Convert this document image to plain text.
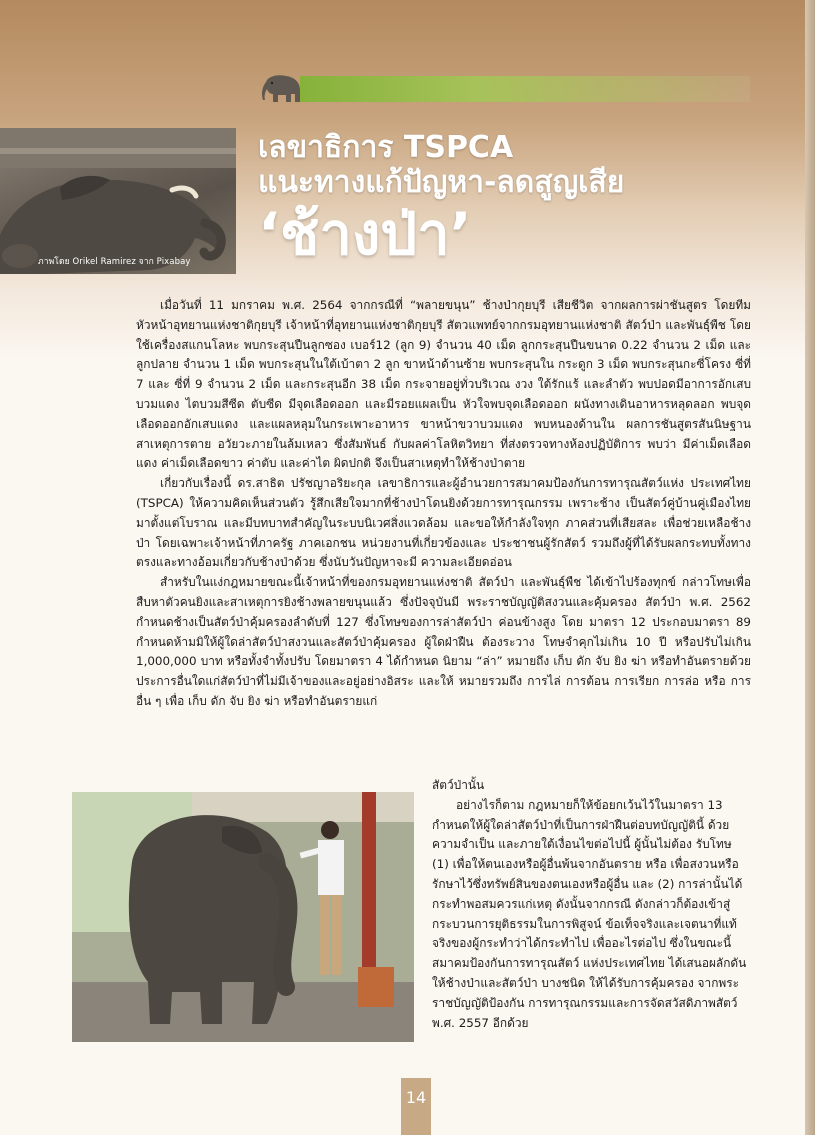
ภาพโดย Orikel Ramirez จาก Pixabay
เลขาธิการ TSPCA
แนะทางแก้ปัญหา-ลดสูญเสีย
‘ช้างป่า’

เมื่อวันที่ 11 มกราคม พ.ศ. 2564 จากกรณีที่ “พลายขนุน” ช้างป่ากุยบุรี เสียชีวิต จากผลการผ่าชันสูตร โดยทีมหัวหน้าอุทยานแห่งชาติกุยบุรี เจ้าหน้าที่อุทยานแห่งชาติกุยบุรี สัตวแพทย์จากกรมอุทยานแห่งชาติ สัตว์ป่า และพันธุ์พืช โดยใช้เครื่องสแกนโลหะ พบกระสุนปืนลูกซอง เบอร์12 (ลูก 9) จำนวน 40 เม็ด ลูกกระสุนปืนขนาด 0.22 จำนวน 2 เม็ด และลูกปลาย จำนวน 1 เม็ด พบกระสุนในใต้เบ้าตา 2 ลูก ขาหน้าด้านซ้าย พบกระสุนใน กระดูก 3 เม็ด พบกระสุนกะซี่โครง ซี่ที่ 7 และ ซี่ที่ 9 จำนวน 2 เม็ด และกระสุนอีก 38 เม็ด กระจายอยู่ทั่วบริเวณ งวง ใต้รักแร้ และลำตัว พบปอดมีอาการอักเสบบวมแดง ไตบวมสีซีด ตับซีด มีจุดเลือดออก และมีรอยแผลเป็น หัวใจพบจุดเลือดออก ผนังทางเดินอาหารหลุดลอก พบจุดเลือดออกอักเสบแดง และแผลหลุมในกระเพาะอาหาร ขาหน้าขวาบวมแดง พบหนองด้านใน ผลการชันสูตรสันนิษฐานสาเหตุการตาย อวัยวะภายในล้มเหลว ซึ่งสัมพันธ์ กับผลค่าโลหิตวิทยา ที่ส่งตรวจทางห้องปฏิบัติการ พบว่า มีค่าเม็ดเลือดแดง ค่าเม็ดเลือดขาว ค่าตับ และค่าไต ผิดปกติ จึงเป็นสาเหตุทำให้ช้างป่าตาย

เกี่ยวกับเรื่องนี้ ดร.สาธิต ปรัชญาอริยะกุล เลขาธิการและผู้อำนวยการสมาคมป้องกันการทารุณสัตว์แห่ง ประเทศไทย (TSPCA) ให้ความคิดเห็นส่วนตัว รู้สึกเสียใจมากที่ช้างป่าโดนยิงด้วยการทารุณกรรม เพราะช้าง เป็นสัตว์คู่บ้านคู่เมืองไทยมาตั้งแต่โบราณ และมีบทบาทสำคัญในระบบนิเวศสิ่งแวดล้อม และขอให้กำลังใจทุก ภาคส่วนที่เสียสละ เพื่อช่วยเหลือช้างป่า โดยเฉพาะเจ้าหน้าที่ภาครัฐ ภาคเอกชน หน่วยงานที่เกี่ยวข้องและ ประชาชนผู้รักสัตว์ รวมถึงผู้ที่ได้รับผลกระทบทั้งทางตรงและทางอ้อมเกี่ยวกับช้างป่าด้วย ซึ่งนับวันปัญหาจะมี ความละเอียดอ่อน

สำหรับในแง่กฎหมายขณะนี้เจ้าหน้าที่ของกรมอุทยานแห่งชาติ สัตว์ป่า และพันธุ์พืช ได้เข้าไปร้องทุกข์ กล่าวโทษเพื่อสืบหาตัวคนยิงและสาเหตุการยิงช้างพลายขนุนแล้ว ซึ่งปัจจุบันมี พระราชบัญญัติสงวนและคุ้มครอง สัตว์ป่า พ.ศ. 2562 กำหนดช้างเป็นสัตว์ป่าคุ้มครองลำดับที่ 127 ซึ่งโทษของการล่าสัตว์ป่า ค่อนข้างสูง โดย มาตรา 12 ประกอบมาตรา 89 กำหนดห้ามมิให้ผู้ใดล่าสัตว์ป่าสงวนและสัตว์ป่าคุ้มครอง ผู้ใดฝ่าฝืน ต้องระวาง โทษจำคุกไม่เกิน 10 ปี หรือปรับไม่เกิน 1,000,000 บาท หรือทั้งจำทั้งปรับ โดยมาตรา 4 ได้กำหนด นิยาม “ล่า” หมายถึง เก็บ ดัก จับ ยิง ฆ่า หรือทำอันตรายด้วยประการอื่นใดแก่สัตว์ป่าที่ไม่มีเจ้าของและอยู่อย่างอิสระ และให้ หมายรวมถึง การไล่ การต้อน การเรียก การล่อ หรือ การอื่น ๆ เพื่อ เก็บ ดัก จับ ยิง ฆ่า หรือทำอันตรายแก่

สัตว์ป่านั้น

อย่างไรก็ตาม กฎหมายก็ให้ข้อยกเว้นไว้ในมาตรา 13 กำหนดให้ผู้ใดล่าสัตว์ป่าที่เป็นการฝ่าฝืนต่อบทบัญญัตินี้ ด้วยความจำเป็น และภายใต้เงื่อนไขต่อไปนี้ ผู้นั้นไม่ต้อง รับโทษ (1) เพื่อให้ตนเองหรือผู้อื่นพ้นจากอันตราย หรือ เพื่อสงวนหรือรักษาไว้ซึ่งทรัพย์สินของตนเองหรือผู้อื่น และ (2) การล่านั้นได้กระทำพอสมควรแก่เหตุ ดังนั้นจากกรณี ดังกล่าวก็ต้องเข้าสู่กระบวนการยุติธรรมในการพิสูจน์ ข้อเท็จจริงและเจตนาที่แท้จริงของผู้กระทำว่าได้กระทำไป เพื่ออะไรต่อไป ซึ่งในขณะนี้ สมาคมป้องกันการทารุณสัตว์ แห่งประเทศไทย ได้เสนอผลักดันให้ช้างป่าและสัตว์ป่า บางชนิด ให้ได้รับการคุ้มครอง จากพระราชบัญญัติป้องกัน การทารุณกรรมและการจัดสวัสดิภาพสัตว์ พ.ศ. 2557 อีกด้วย

14
